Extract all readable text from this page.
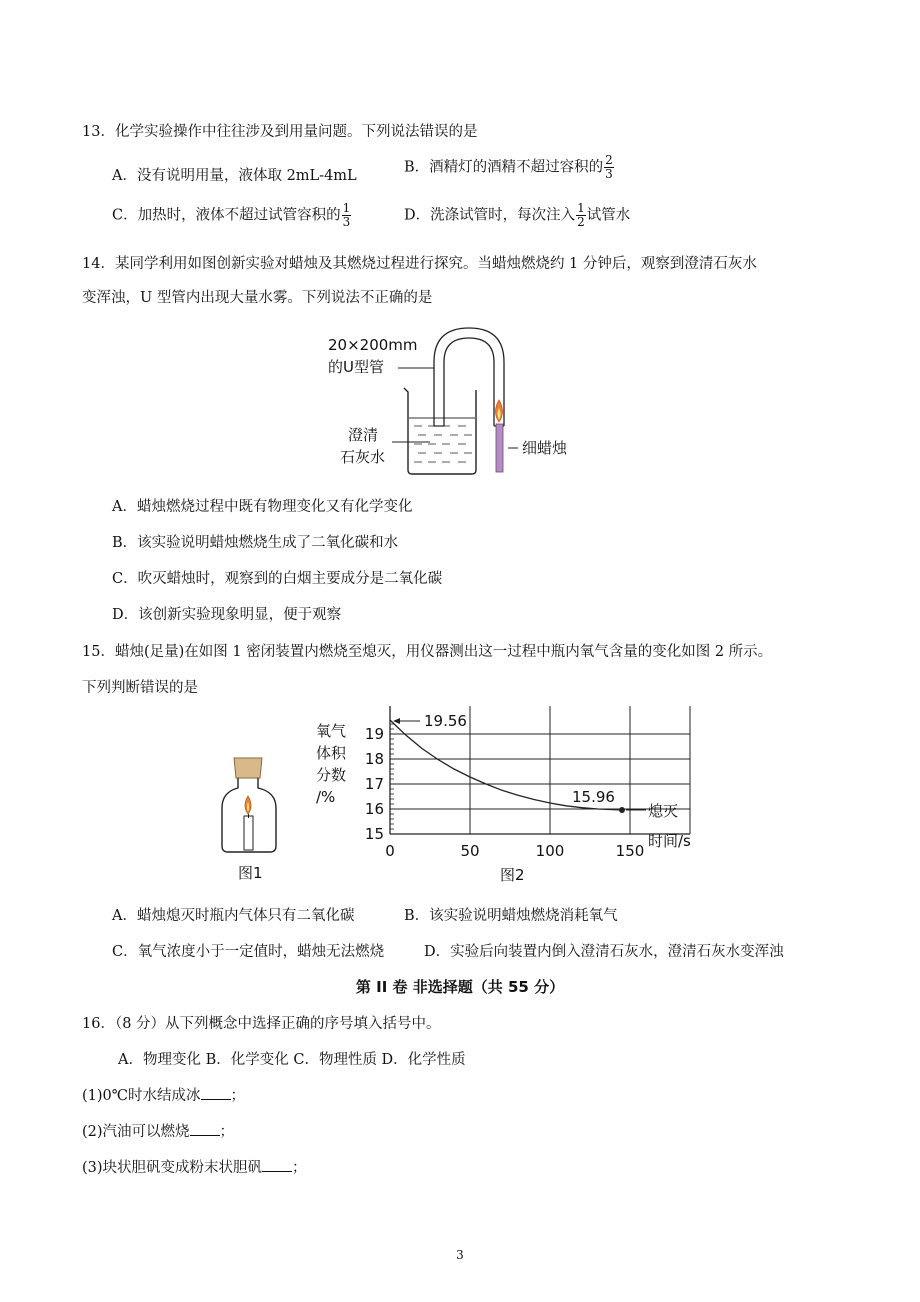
13．化学实验操作中往往涉及到用量问题。下列说法错误的是
A．没有说明用量，液体取 2mL-4mL
B．酒精灯的酒精不超过容积的 $\frac{2}{3}$
C．加热时，液体不超过试管容积的 $\frac{1}{3}$	D．洗涤试管时，每次注入 $\frac{1}{2}$ 试管水
14．某同学利用如图创新实验对蜡烛及其燃烧过程进行探究。当蜡烛燃烧约 1 分钟后，观察到澄清石灰水
变浑浊，U 型管内出现大量水雾。下列说法不正确的是
20×200mm
的U型管
澄清
石灰水	细蜡烛
A．蜡烛燃烧过程中既有物理变化又有化学变化
B．该实验说明蜡烛燃烧生成了二氧化碳和水
C．吹灭蜡烛时，观察到的白烟主要成分是二氧化碳
D．该创新实验现象明显，便于观察
15．蜡烛(足量)在如图 1 密闭装置内燃烧至熄灭，用仪器测出这一过程中瓶内氧气含量的变化如图 2 所示。
下列判断错误的是
图1
15
16
17
18
19
0	50	100	150
氧气
体积
分数
/%
时间/s
19.56
15.96
熄灭
图2
A．蜡烛熄灭时瓶内气体只有二氧化碳	B．该实验说明蜡烛燃烧消耗氧气
C．氧气浓度小于一定值时，蜡烛无法燃烧	D．实验后向装置内倒入澄清石灰水，澄清石灰水变浑浊
第 II 卷 非选择题（共 55 分）
16．（8 分）从下列概念中选择正确的序号填入括号中。
A．物理变化 B．化学变化 C．物理性质 D．化学性质
(1)0℃时水结成冰 ；
(2)汽油可以燃烧 ；
(3)块状胆矾变成粉末状胆矾 ；
3
